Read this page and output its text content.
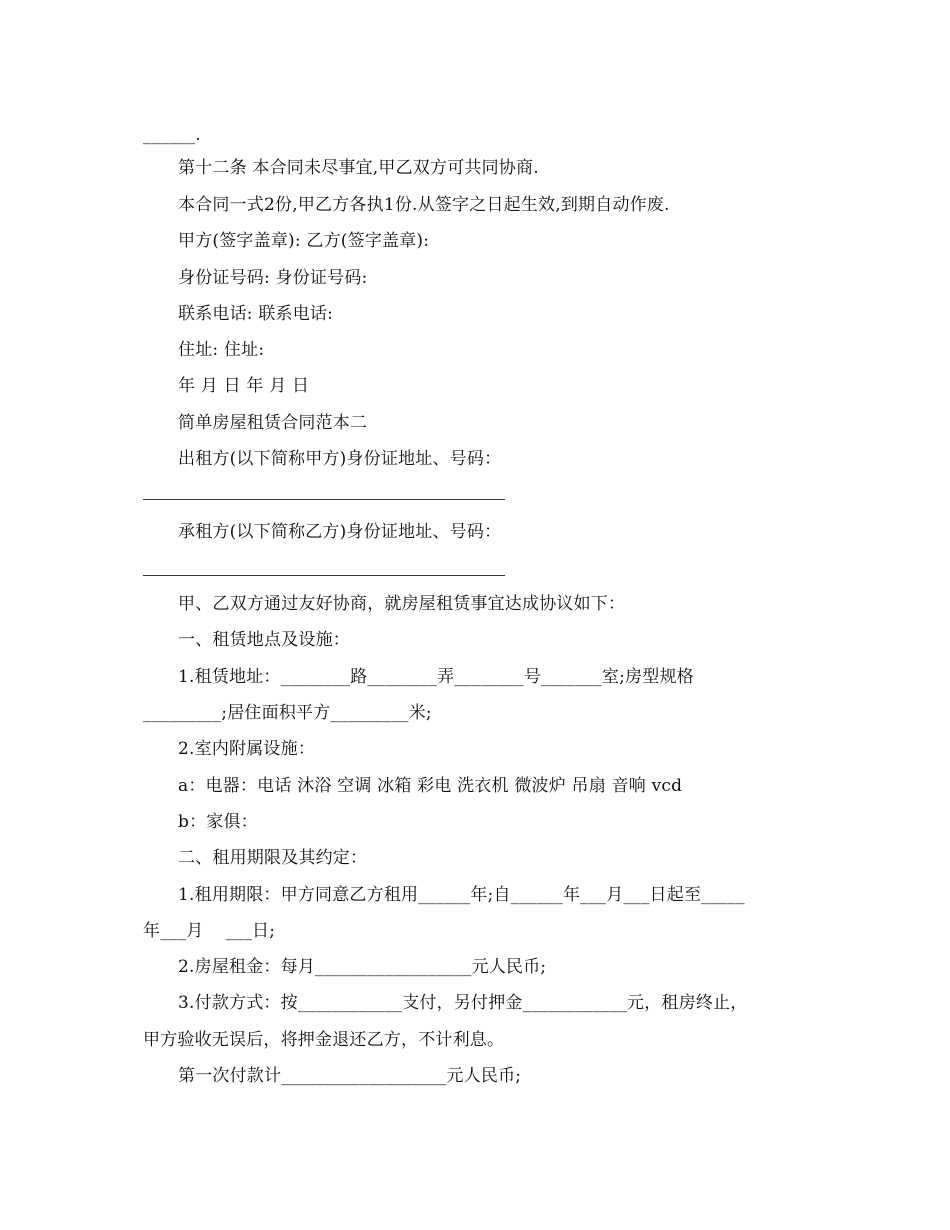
______.
第十二条 本合同未尽事宜,甲乙双方可共同协商.
本合同一式2份,甲乙方各执1份.从签字之日起生效,到期自动作废.
甲方(签字盖章): 乙方(签字盖章):
身份证号码: 身份证号码:
联系电话: 联系电话:
住址: 住址:
年 月 日 年 月 日
简单房屋租赁合同范本二
出租方(以下简称甲方)身份证地址、号码：
承租方(以下简称乙方)身份证地址、号码：
甲、乙双方通过友好协商，就房屋租赁事宜达成协议如下：
一、租赁地点及设施：
1.租赁地址：________路________弄________号_______室;房型规格
_________;居住面积平方_________米;
2.室内附属设施：
a：电器：电话 沐浴 空调 冰箱 彩电 洗衣机 微波炉 吊扇 音响 vcd
b：家俱：
二、租用期限及其约定：
1.租用期限：甲方同意乙方租用______年;自______年___月___日起至_____
年___月    ___日;
2.房屋租金：每月__________________元人民币;
3.付款方式：按____________支付，另付押金____________元，租房终止，
甲方验收无误后，将押金退还乙方，不计利息。
第一次付款计___________________元人民币;
